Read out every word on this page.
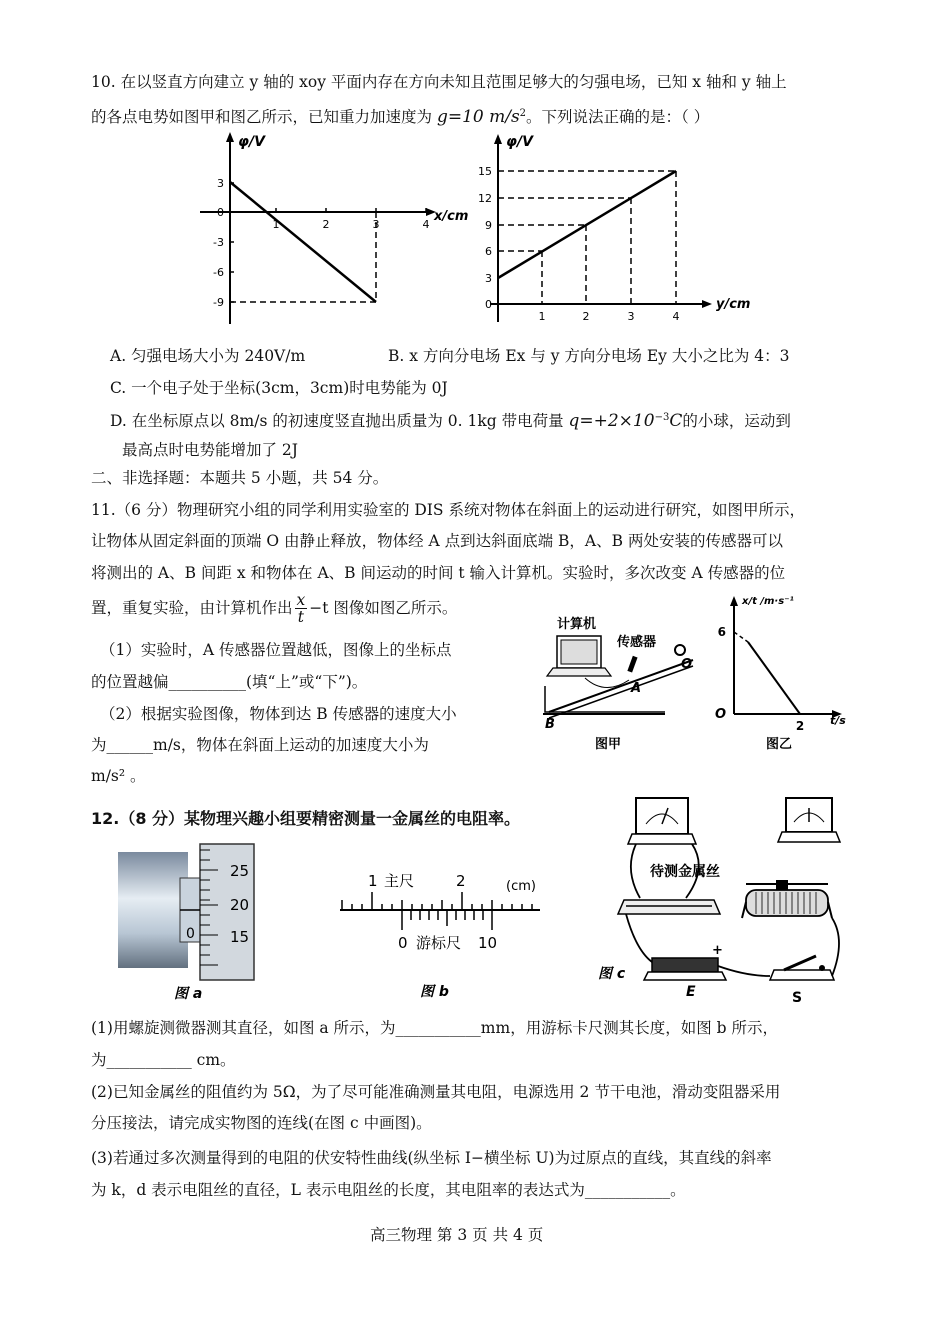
10. 在以竖直方向建立 y 轴的 xoy 平面内存在方向未知且范围足够大的匀强电场，已知 x 轴和 y 轴上
的各点电势如图甲和图乙所示，已知重力加速度为 g=10 $m/s^2$。下列说法正确的是：（ ）
φ/V
x/cm
3
0
-3
-6
-9
1	2	3	4
φ/V
y/cm
15
12
9
6
3
0
1	2	3	4
A. 匀强电场大小为 240V/m	B. x 方向分电场 Ex 与 y 方向分电场 Ey 大小之比为 4：3
C. 一个电子处于坐标(3cm，3cm)时电势能为 0J
D. 在坐标原点以 8m/s 的初速度竖直抛出质量为 0. 1kg 带电荷量 $q=+2\times 10^{-3}C$的小球，运动到
最高点时电势能增加了 2J
二、非选择题：本题共 5 小题，共 54 分。
11.（6 分）物理研究小组的同学利用实验室的 DIS 系统对物体在斜面上的运动进行研究，如图甲所示，
让物体从固定斜面的顶端 O 由静止释放，物体经 A 点到达斜面底端 B，A、B 两处安装的传感器可以
将测出的 A、B 间距 x 和物体在 A、B 间运动的时间 t 输入计算机。实验时，多次改变 A 传感器的位
置，重复实验，由计算机作出 $\frac{x}{t} -t$ 图像如图乙所示。
（1）实验时，A 传感器位置越低，图像上的坐标点
的位置越偏__________(填“上”或“下”)。
（2）根据实验图像，物体到达 B 传感器的速度大小
为______m/s，物体在斜面上运动的加速度大小为
m/s² 。
计算机
传感器
O
A
B
图甲
x/t /m·s⁻¹
6
O
2 t/s
图乙
12.（8 分）某物理兴趣小组要精密测量一金属丝的电阻率。
25
20
15
0
图 a
1 主尺	2	(cm)
0 游标尺 10
图 b
待测金属丝
+
E	S
图 c
(1)用螺旋测微器测其直径，如图 a 所示，为___________mm，用游标卡尺测其长度，如图 b 所示，
为___________ cm。
(2)已知金属丝的阻值约为 5Ω，为了尽可能准确测量其电阻，电源选用 2 节干电池，滑动变阻器采用
分压接法，请完成实物图的连线(在图 c 中画图)。
(3)若通过多次测量得到的电阻的伏安特性曲线(纵坐标 I−横坐标 U)为过原点的直线，其直线的斜率
为 k，d 表示电阻丝的直径，L 表示电阻丝的长度，其电阻率的表达式为___________。
高三物理 第 3 页 共 4 页
